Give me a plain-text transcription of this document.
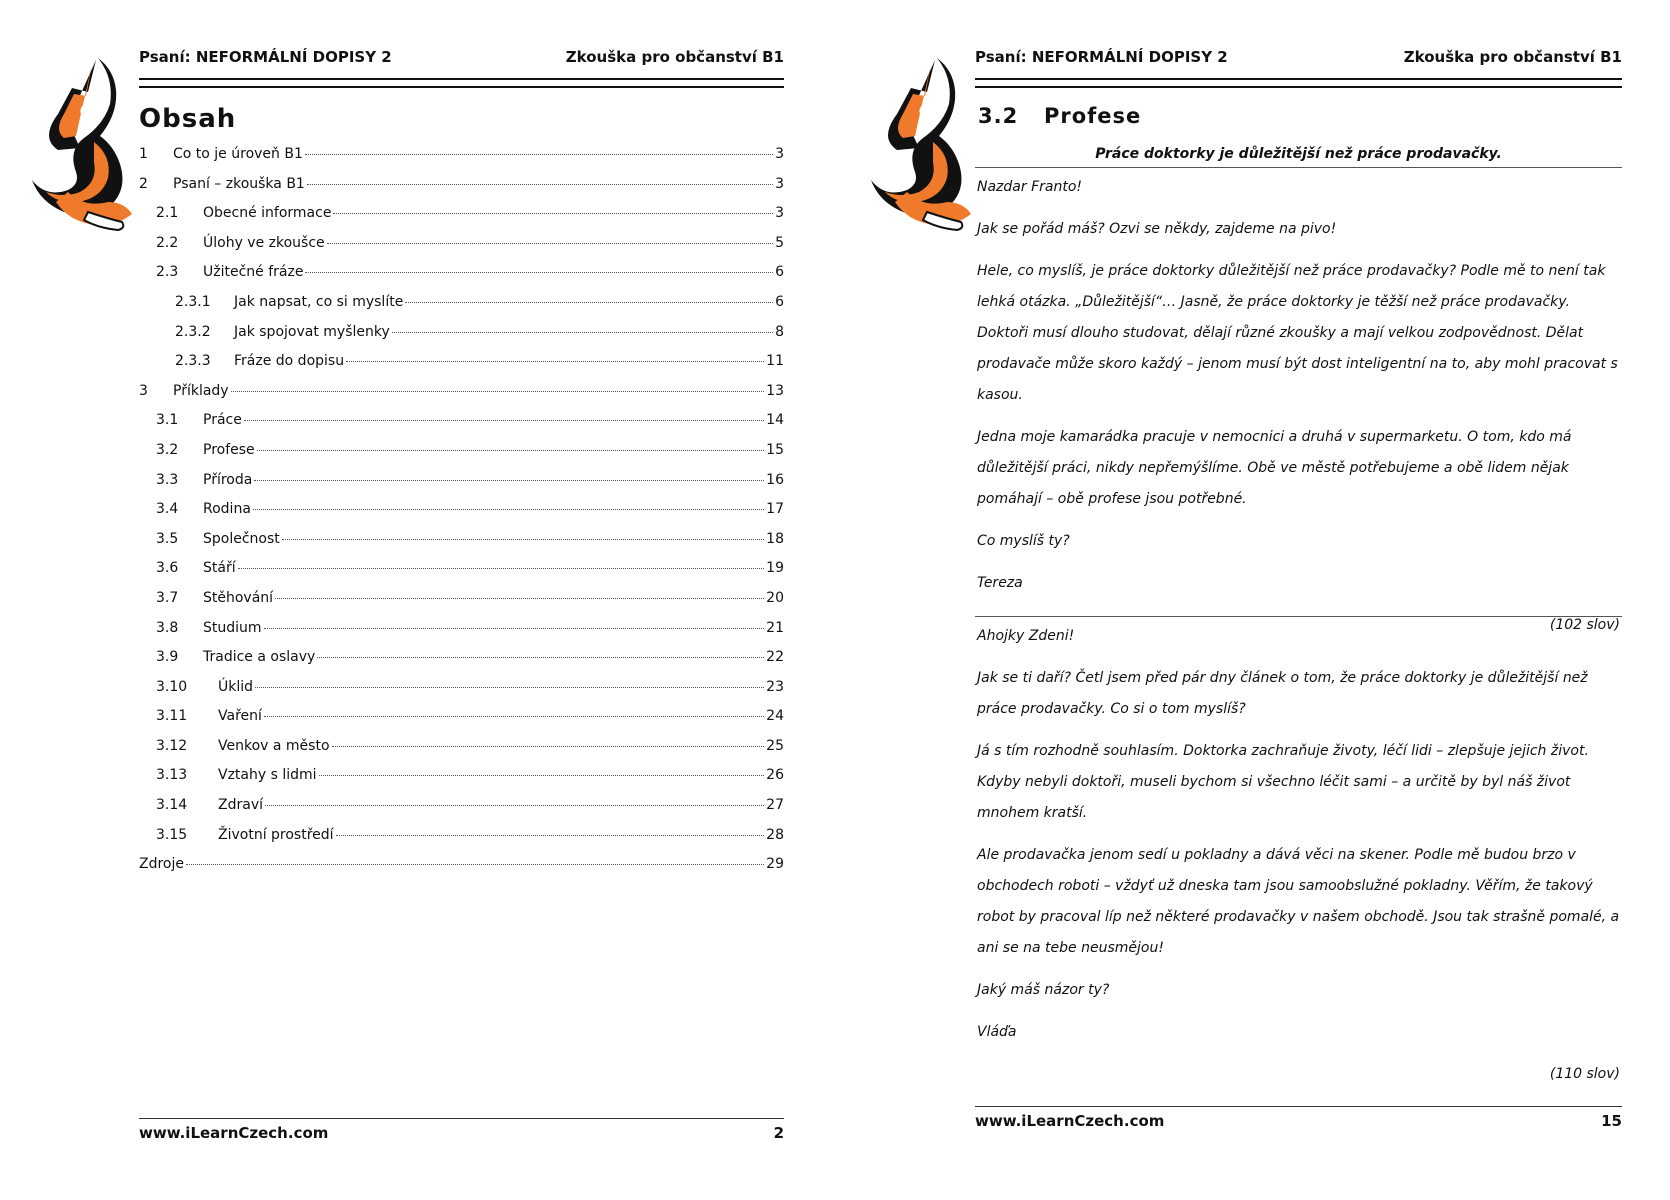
Psaní: NEFORMÁLNÍ DOPISY 2	Zkouška pro občanství B1
Obsah
1	Co to je úroveň B1	3
2	Psaní – zkouška B1	3
2.1	Obecné informace	3
2.2	Úlohy ve zkoušce	5
2.3	Užitečné fráze	6
2.3.1	Jak napsat, co si myslíte	6
2.3.2	Jak spojovat myšlenky	8
2.3.3	Fráze do dopisu	11
3	Příklady	13
3.1	Práce	14
3.2	Profese	15
3.3	Příroda	16
3.4	Rodina	17
3.5	Společnost	18
3.6	Stáří	19
3.7	Stěhování	20
3.8	Studium	21
3.9	Tradice a oslavy	22
3.10	Úklid	23
3.11	Vaření	24
3.12	Venkov a město	25
3.13	Vztahy s lidmi	26
3.14	Zdraví	27
3.15	Životní prostředí	28
Zdroje	29
www.iLearnCzech.com	2
Psaní: NEFORMÁLNÍ DOPISY 2	Zkouška pro občanství B1
3.2	Profese
Práce doktorky je důležitější než práce prodavačky.

Nazdar Franto!

Jak se pořád máš? Ozvi se někdy, zajdeme na pivo!

Hele, co myslíš, je práce doktorky důležitější než práce prodavačky? Podle mě to není tak lehká otázka. „Důležitější“… Jasně, že práce doktorky je těžší než práce prodavačky. Doktoři musí dlouho studovat, dělají různé zkoušky a mají velkou zodpovědnost. Dělat prodavače může skoro každý – jenom musí být dost inteligentní na to, aby mohl pracovat s kasou.

Jedna moje kamarádka pracuje v nemocnici a druhá v supermarketu. O tom, kdo má důležitější práci, nikdy nepřemýšlíme. Obě ve městě potřebujeme a obě lidem nějak pomáhají – obě profese jsou potřebné.

Co myslíš ty?

Tereza

(102 slov)

Ahojky Zdeni!

Jak se ti daří? Četl jsem před pár dny článek o tom, že práce doktorky je důležitější než práce prodavačky. Co si o tom myslíš?

Já s tím rozhodně souhlasím. Doktorka zachraňuje životy, léčí lidi – zlepšuje jejich život. Kdyby nebyli doktoři, museli bychom si všechno léčit sami – a určitě by byl náš život mnohem kratší.

Ale prodavačka jenom sedí u pokladny a dává věci na skener. Podle mě budou brzo v obchodech roboti – vždyť už dneska tam jsou samoobslužné pokladny. Věřím, že takový robot by pracoval líp než některé prodavačky v našem obchodě. Jsou tak strašně pomalé, a ani se na tebe neusmějou!

Jaký máš názor ty?

Vláďa

(110 slov)

www.iLearnCzech.com	15
